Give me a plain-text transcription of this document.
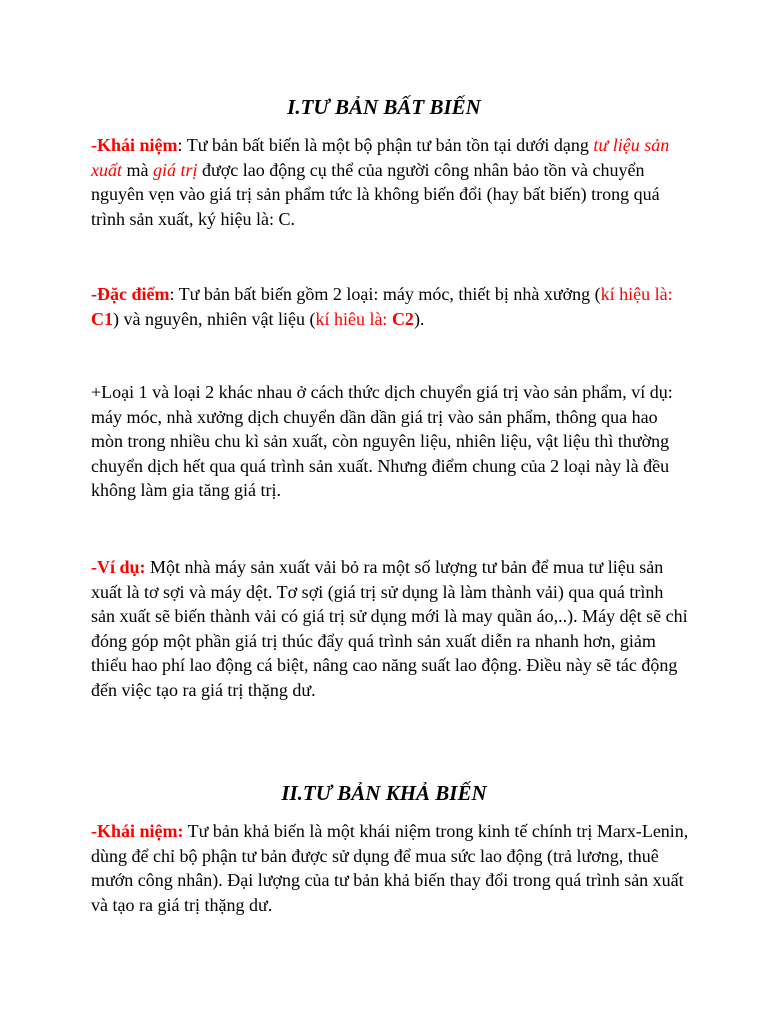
I.TƯ BẢN BẤT BIẾN

-Khái niệm: Tư bản bất biến là một bộ phận tư bản tồn tại dưới dạng tư liệu sản xuất mà giá trị được lao động cụ thể của người công nhân bảo tồn và chuyển nguyên vẹn vào giá trị sản phẩm tức là không biến đổi (hay bất biến) trong quá trình sản xuất, ký hiệu là: C.

-Đặc điểm: Tư bản bất biến gồm 2 loại: máy móc, thiết bị nhà xưởng (kí hiệu là: C1) và nguyên, nhiên vật liệu (kí hiêu là: C2).

+Loại 1 và loại 2 khác nhau ở cách thức dịch chuyển giá trị vào sản phẩm, ví dụ: máy móc, nhà xưởng dịch chuyển dần dần giá trị vào sản phẩm, thông qua hao mòn trong nhiều chu kì sản xuất, còn nguyên liệu, nhiên liệu, vật liệu thì thường chuyển dịch hết qua quá trình sản xuất. Nhưng điểm chung của 2 loại này là đều không làm gia tăng giá trị.

-Ví dụ: Một nhà máy sản xuất vải bỏ ra một số lượng tư bản để mua tư liệu sản xuất là tơ sợi và máy dệt. Tơ sợi (giá trị sử dụng là làm thành vải) qua quá trình sản xuất sẽ biến thành vải có giá trị sử dụng mới là may quần áo,..). Máy dệt sẽ chỉ đóng góp một phần giá trị thúc đẩy quá trình sản xuất diễn ra nhanh hơn, giảm thiểu hao phí lao động cá biệt, nâng cao năng suất lao động. Điều này sẽ tác động đến việc tạo ra giá trị thặng dư.

II.TƯ BẢN KHẢ BIẾN

-Khái niệm: Tư bản khả biến là một khái niệm trong kinh tế chính trị Marx-Lenin, dùng để chỉ bộ phận tư bản được sử dụng để mua sức lao động (trả lương, thuê mướn công nhân). Đại lượng của tư bản khả biến thay đổi trong quá trình sản xuất và tạo ra giá trị thặng dư.
